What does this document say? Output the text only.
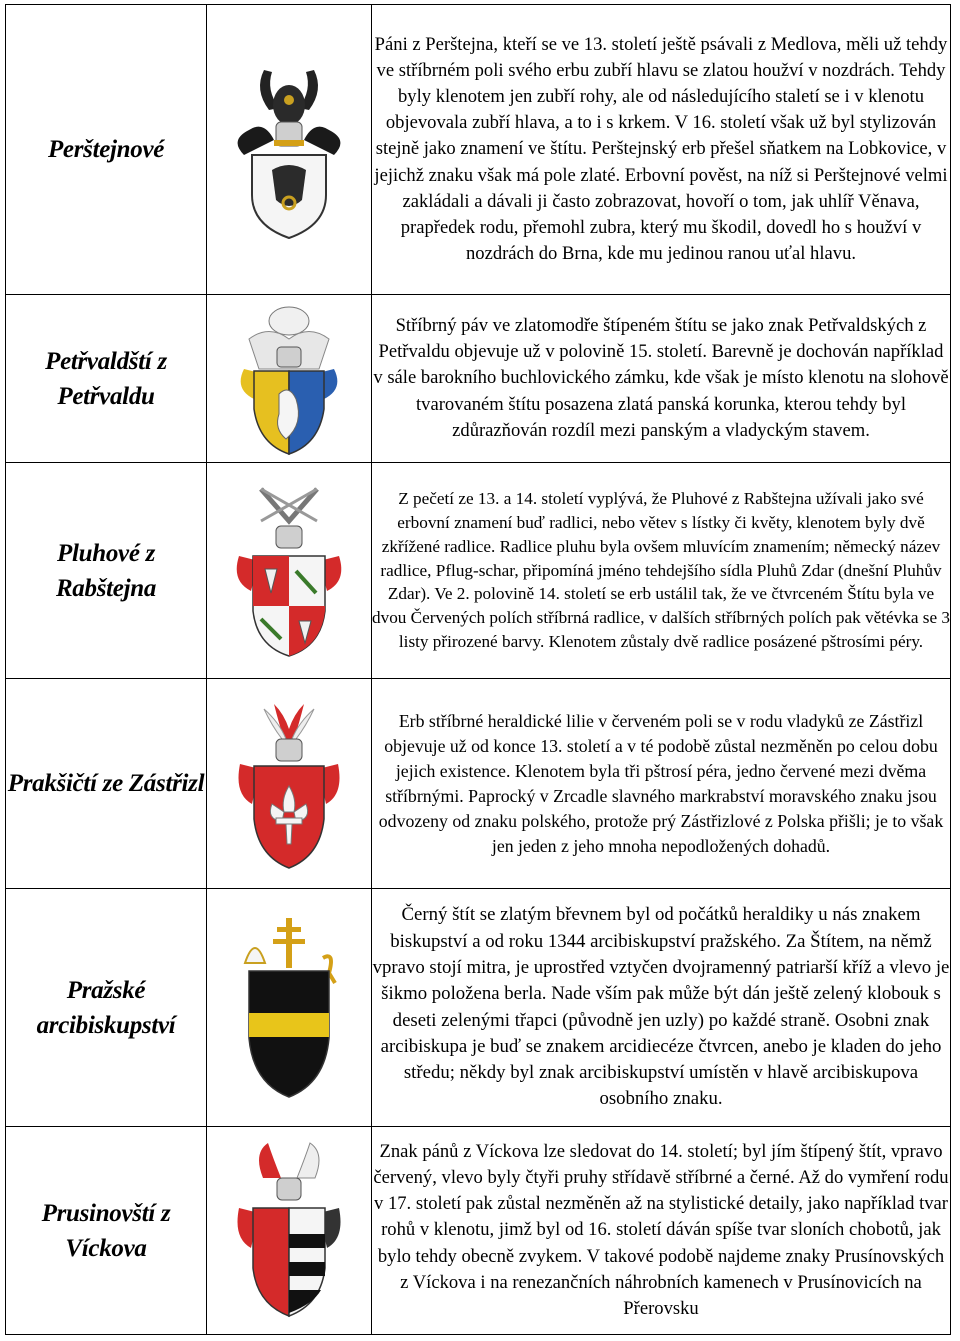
Perštejnové		Páni z Perštejna, kteří se ve 13. století ještě psávali z Medlova, měli už tehdy ve stříbrném poli svého erbu zubří hlavu se zlatou houžví v nozdrách. Tehdy byly klenotem jen zubří rohy, ale od následujícího staletí se i v klenotu objevovala zubří hlava, a to i s krkem. V 16. století však už byl stylizován stejně jako znamení ve štítu. Perštejnský erb přešel sňatkem na Lobkovice, v jejichž znaku však má pole zlaté. Erbovní pověst, na níž si Perštejnové velmi zakládali a dávali ji často zobrazovat, hovoří o tom, jak uhlíř Věnava, prapředek rodu, přemohl zubra, který mu škodil, dovedl ho s houžví v nozdrách do Brna, kde mu jedinou ranou uťal hlavu.

Petřvaldští z Petřvaldu		Stříbrný páv ve zlatomodře štípeném štítu se jako znak Petřvaldských z Petřvaldu objevuje už v polovině 15. století. Barevně je dochován například v sále barokního buchlovického zámku, kde však je místo klenotu na slohově tvarovaném štítu posazena zlatá panská korunka, kterou tehdy byl zdůrazňován rozdíl mezi panským a vladyckým stavem.

Pluhové z Rabštejna		Z pečetí ze 13. a 14. století vyplývá, že Pluhové z Rabštejna užívali jako své erbovní znamení buď radlici, nebo větev s lístky či květy, klenotem byly dvě zkřížené radlice. Radlice pluhu byla ovšem mluvícím znamením; německý název radlice, Pflug-schar, připomíná jméno tehdejšího sídla Pluhů Zdar (dnešní Pluhův Zdar). Ve 2. polovině 14. století se erb ustálil tak, že ve čtvrceném Štítu byla ve dvou Červených polích stříbrná radlice, v dalších stříbrných polích pak větévka se 3 listy přirozené barvy. Klenotem zůstaly dvě radlice posázené pštrosími péry.

Prakšičtí ze Zástřizl		Erb stříbrné heraldické lilie v červeném poli se v rodu vladyků ze Zástřizl objevuje už od konce 13. století a v té podobě zůstal nezměněn po celou dobu jejich existence. Klenotem byla tři pštrosí péra, jedno červené mezi dvěma stříbrnými. Paprocký v Zrcadle slavného markrabství moravského znaku jsou odvozeny od znaku polského, protože prý Zástřizlové z Polska přišli; je to však jen jeden z jeho mnoha nepodložených dohadů.

Pražské arcibiskupství		Černý štít se zlatým břevnem byl od počátků heraldiky u nás znakem biskupství a od roku 1344 arcibiskupství pražského. Za Štítem, na němž vpravo stojí mitra, je uprostřed vztyčen dvojramenný patriarší kříž a vlevo je šikmo položena berla. Nade vším pak může být dán ještě zelený klobouk s deseti zelenými třapci (původně jen uzly) po každé straně. Osobni znak arcibiskupa je buď se znakem arcidiecéze čtvrcen, anebo je kladen do jeho středu; někdy byl znak arcibiskupství umístěn v hlavě arcibiskupova osobního znaku.

Prusinovští z Víckova		Znak pánů z Víckova lze sledovat do 14. století; byl jím štípený štít, vpravo červený, vlevo byly čtyři pruhy střídavě stříbrné a černé. Až do vymření rodu v 17. století pak zůstal nezměněn až na stylistické detaily, jako například tvar rohů v klenotu, jimž byl od 16. století dáván spíše tvar sloních chobotů, jak bylo tehdy obecně zvykem. V takové podobě najdeme znaky Prusínovských z Víckova i na renezančních náhrobních kamenech v Prusínovicích na Přerovsku
